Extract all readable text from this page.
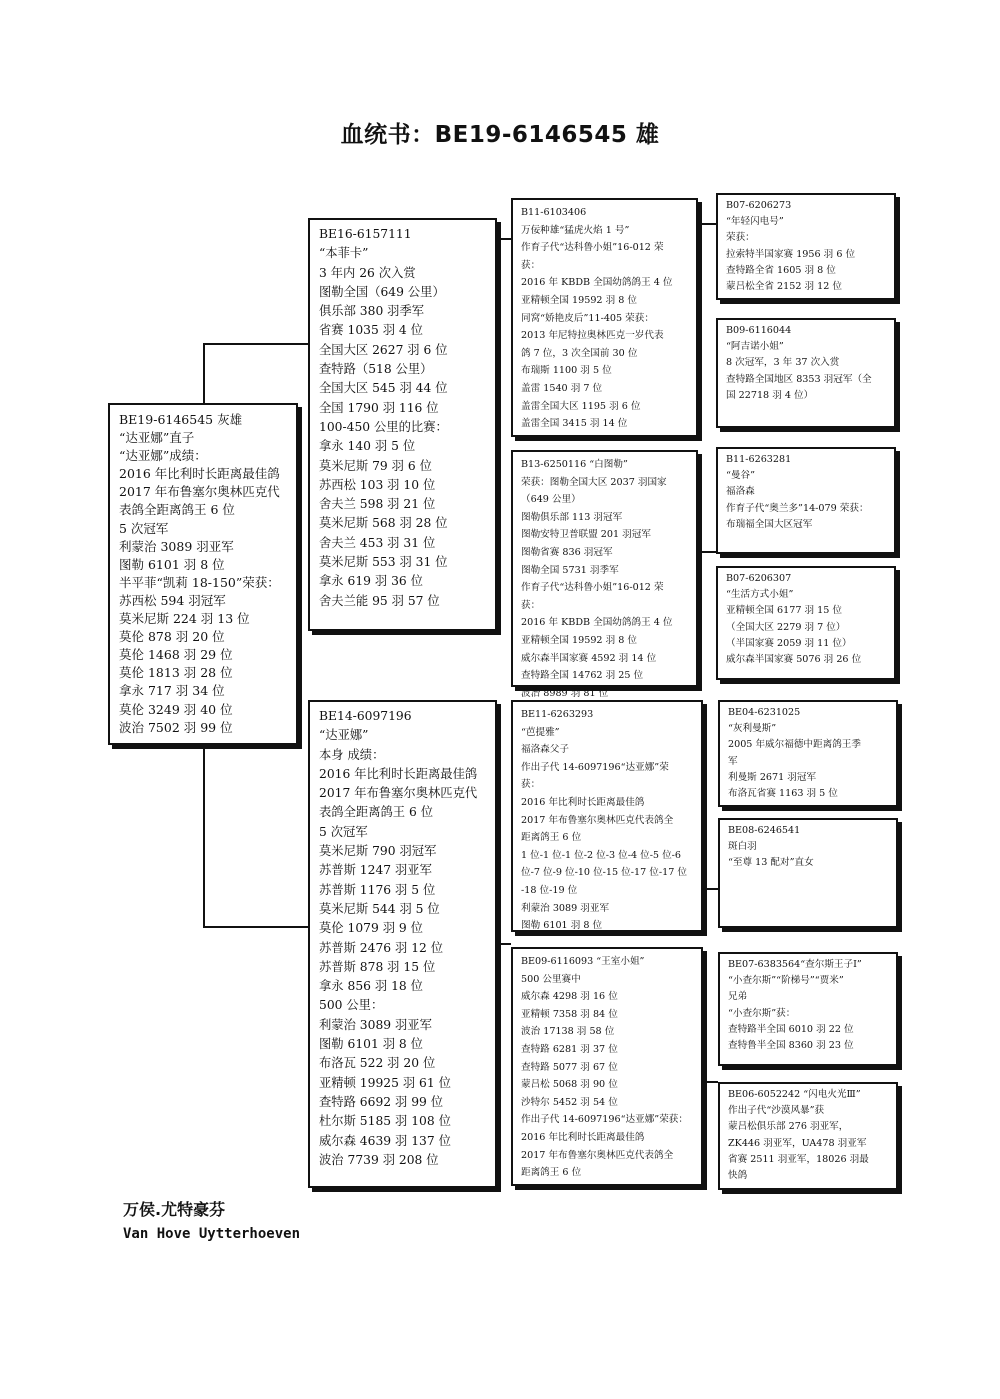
血统书：BE19-6146545 雄
BE19-6146545 灰雄
“达亚娜”直子
“达亚娜”成绩：
2016 年比利时长距离最佳鸽
2017 年布鲁塞尔奥林匹克代
表鸽全距离鸽王 6 位
5 次冠军
利蒙治 3089 羽亚军
图勒 6101 羽 8 位
半平菲“凯莉 18-150”荣获：
苏西松 594 羽冠军
莫米尼斯 224 羽 13 位
莫伦 878 羽 20 位
莫伦 1468 羽 29 位
莫伦 1813 羽 28 位
拿永 717 羽 34 位
莫伦 3249 羽 40 位
波治 7502 羽 99 位
BE16-6157111
“本菲卡”
3 年内 26 次入赏
图勒全国（649 公里）
俱乐部 380 羽季军
省赛 1035 羽 4 位
全国大区 2627 羽 6 位
查特路（518 公里）
全国大区 545 羽 44 位
全国 1790 羽 116 位
100-450 公里的比赛：
拿永 140 羽 5 位
莫米尼斯 79 羽 6 位
苏西松 103 羽 10 位
舍夫兰 598 羽 21 位
莫米尼斯 568 羽 28 位
舍夫兰 453 羽 31 位
莫米尼斯 553 羽 31 位
拿永 619 羽 36 位
舍夫兰能 95 羽 57 位
BE14-6097196
“达亚娜”
本身 成绩：
2016 年比利时长距离最佳鸽
2017 年布鲁塞尔奥林匹克代
表鸽全距离鸽王 6 位
5 次冠军
莫米尼斯 790 羽冠军
苏普斯 1247 羽亚军
苏普斯 1176 羽 5 位
莫米尼斯 544 羽 5 位
莫伦 1079 羽 9 位
苏普斯 2476 羽 12 位
苏普斯 878 羽 15 位
拿永 856 羽 18 位
500 公里：
利蒙治 3089 羽亚军
图勒 6101 羽 8 位
布洛瓦 522 羽 20 位
亚精顿 19925 羽 61 位
查特路 6692 羽 99 位
杜尔斯 5185 羽 108 位
威尔森 4639 羽 137 位
波治 7739 羽 208 位
B11-6103406
万佞种雄“猛虎火焰 1 号”
作育子代“达科鲁小姐”16-012 荣
获：
2016 年 KBDB 全国幼鸽鸽王 4 位
亚精顿全国 19592 羽 8 位
同窝“娇艳皮后”11-405 荣获：
2013 年尼特拉奥林匹克一岁代表
鸽 7 位，3 次全国前 30 位
布瑞斯 1100 羽 5 位
盖雷 1540 羽 7 位
盖雷全国大区 1195 羽 6 位
盖雷全国 3415 羽 14 位
B13-6250116 “白图勒”
荣获：图勒全国大区 2037 羽国家
（649 公里）
图勒俱乐部 113 羽冠军
图勒安特卫普联盟 201 羽冠军
图勒省赛 836 羽冠军
图勒全国 5731 羽季军
作育子代“达科鲁小姐”16-012 荣
获：
2016 年 KBDB 全国幼鸽鸽王 4 位
亚精顿全国 19592 羽 8 位
威尔森半国家赛 4592 羽 14 位
查特路全国 14762 羽 25 位
波治 8989 羽 81 位
BE11-6263293
“芭提雅”
福洛森父子
作出子代 14-6097196“达亚娜”荣
获：
2016 年比利时长距离最佳鸽
2017 年布鲁塞尔奥林匹克代表鸽全
距离鸽王 6 位
1 位-1 位-1 位-2 位-3 位-4 位-5 位-6
位-7 位-9 位-10 位-15 位-17 位-17 位
-18 位-19 位
利蒙治 3089 羽亚军
图勒 6101 羽 8 位
BE09-6116093 “王室小姐”
500 公里赛中
威尔森 4298 羽 16 位
亚精顿 7358 羽 84 位
波治 17138 羽 58 位
查特路 6281 羽 37 位
查特路 5077 羽 67 位
蒙吕松 5068 羽 90 位
沙特尔 5452 羽 54 位
作出子代 14-6097196“达亚娜”荣获：
2016 年比利时长距离最佳鸽
2017 年布鲁塞尔奥林匹克代表鸽全
距离鸽王 6 位
B07-6206273
“年轻闪电号”
荣获：
拉索特半国家赛 1956 羽 6 位
查特路全省 1605 羽 8 位
蒙吕松全省 2152 羽 12 位
B09-6116044
“阿吉诺小姐”
8 次冠军，3 年 37 次入赏
查特路全国地区 8353 羽冠军（全
国 22718 羽 4 位）
B11-6263281
“曼谷”
福洛森
作育子代“奥兰多”14-079 荣获：
布瑞福全国大区冠军
B07-6206307
“生活方式小姐”
亚精顿全国 6177 羽 15 位
（全国大区 2279 羽 7 位）
（半国家赛 2059 羽 11 位）
威尔森半国家赛 5076 羽 26 位
BE04-6231025
“灰利曼斯”
2005 年威尔福德中距离鸽王季
军
利曼斯 2671 羽冠军
布洛瓦省赛 1163 羽 5 位
BE08-6246541
斑白羽
“至尊 13 配对”直女
BE07-6383564“查尔斯王子Ⅰ”
“小查尔斯”“阶梯号”“贾米”
兄弟
“小查尔斯”获：
查特路半全国 6010 羽 22 位
查特鲁半全国 8360 羽 23 位
BE06-6052242 “闪电火光Ⅲ”
作出子代“沙漠风暴”获
蒙吕松俱乐部 276 羽亚军，
ZK446 羽亚军，UA478 羽亚军
省赛 2511 羽亚军，18026 羽最
快鸽
万侯.尤特豪芬
Van Hove Uytterhoeven
